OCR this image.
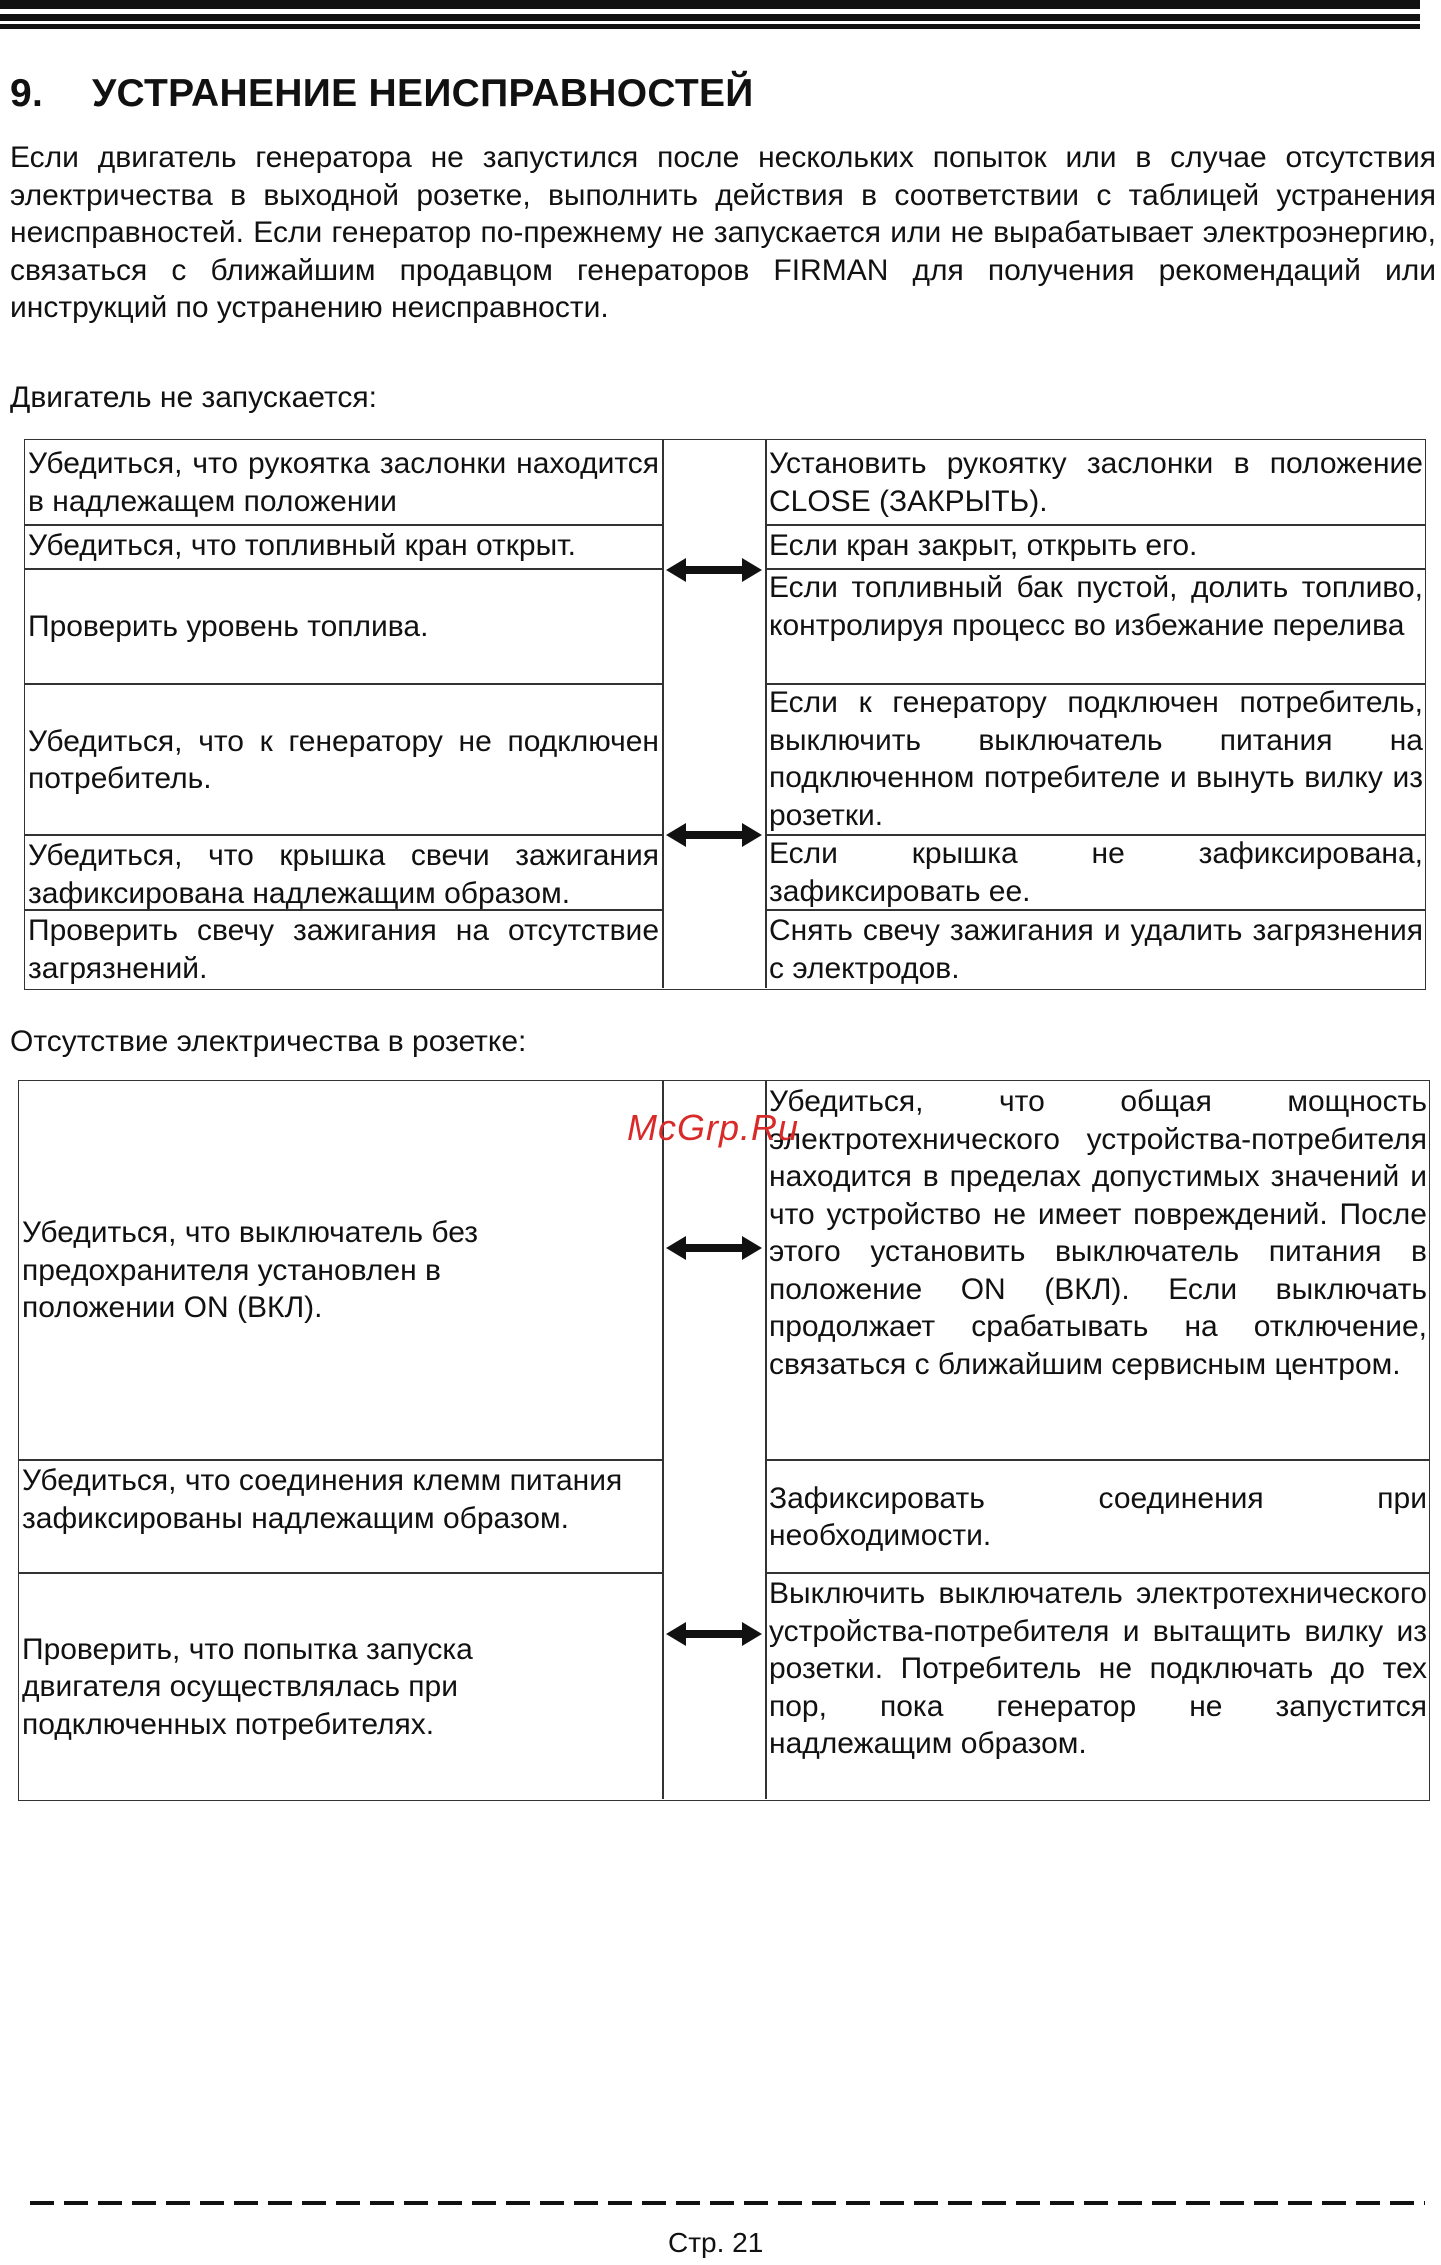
9. УСТРАНЕНИЕ НЕИСПРАВНОСТЕЙ
Если двигатель генератора не запустился после нескольких попыток или в случае отсутствия электричества в выходной розетке, выполнить действия в соответствии с таблицей устранения неисправностей. Если генератор по-прежнему не запускается или не вырабатывает электроэнергию, связаться с ближайшим продавцом генераторов FIRMAN для получения рекомендаций или инструкций по устранению неисправности.
Двигатель не запускается:
Убедиться, что рукоятка заслонки находится в надлежащем положении
Убедиться, что топливный кран открыт.
Проверить уровень топлива.
Убедиться, что к генератору не подключен потребитель.
Убедиться, что крышка свечи зажигания зафиксирована надлежащим образом.
Проверить свечу зажигания на отсутствие загрязнений.
Установить рукоятку заслонки в положение CLOSE (ЗАКРЫТЬ).
Если кран закрыт, открыть его.
Если топливный бак пустой, долить топливо, контролируя процесс во избежание перелива
Если к генератору подключен потребитель, выключить выключатель питания на подключенном потребителе и вынуть вилку из розетки.
Если крышка не зафиксирована, зафиксировать ее.
Снять свечу зажигания и удалить загрязнения с электродов.
Отсутствие электричества в розетке:
Убедиться, что выключатель без предохранителя установлен в положении ON (ВКЛ).
Убедиться, что соединения клемм питания зафиксированы надлежащим образом.
Проверить, что попытка запуска двигателя осуществлялась при подключенных потребителях.
Убедиться, что общая мощность электротехнического устройства-потребителя находится в пределах допустимых значений и что устройство не имеет повреждений. После этого установить выключатель питания в положение ON (ВКЛ). Если выключать продолжает срабатывать на отключение, связаться с ближайшим сервисным центром.
Зафиксировать соединения при необходимости.
Выключить выключатель электротехнического устройства-потребителя и вытащить вилку из розетки. Потребитель не подключать до тех пор, пока генератор не запустится надлежащим образом.
McGrp.Ru
Стр. 21
